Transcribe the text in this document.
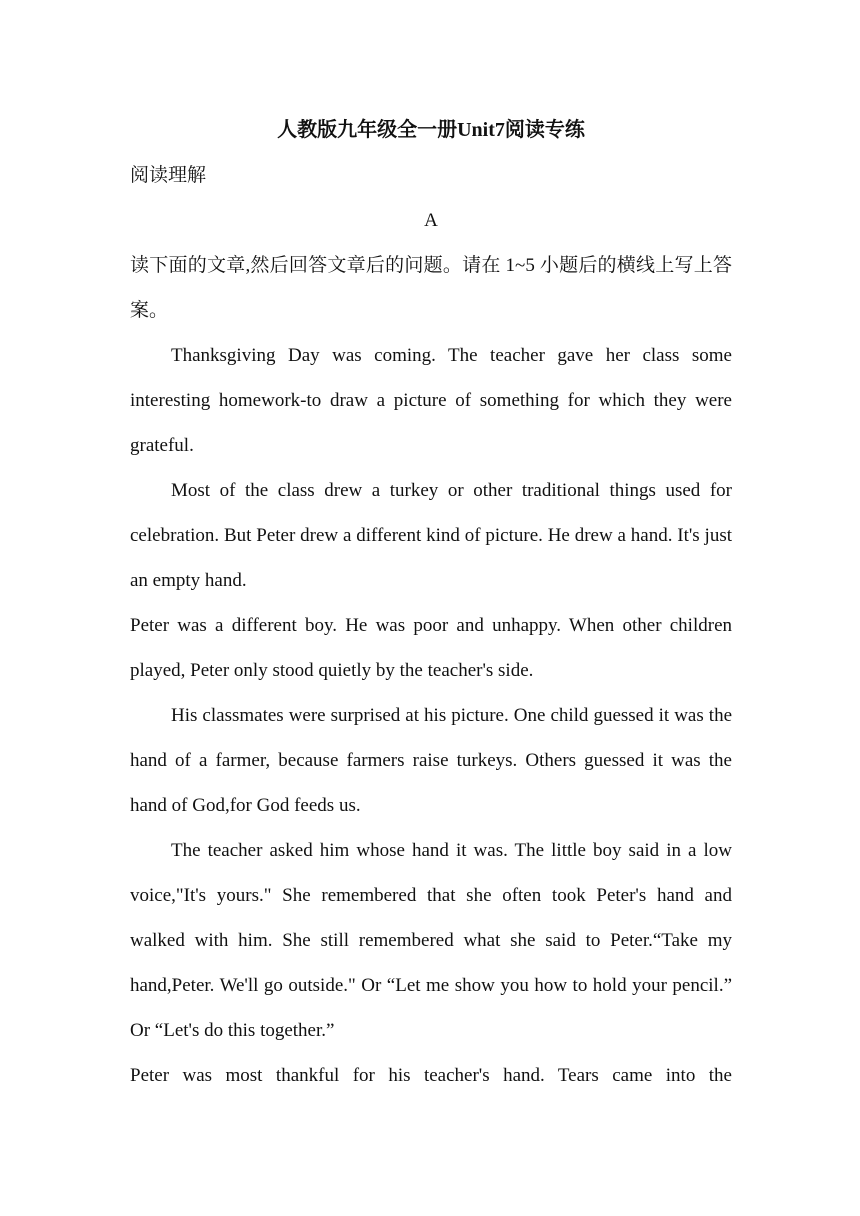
人教版九年级全一册Unit7阅读专练

阅读理解

A

读下面的文章,然后回答文章后的问题。请在 1~5 小题后的横线上写上答案。

Thanksgiving Day was coming. The teacher gave her class some interesting homework-to draw a picture of something for which they were grateful.

Most of the class drew a turkey or other traditional things used for celebration. But Peter drew a different kind of picture. He drew a hand. It's just an empty hand.

Peter was a different boy. He was poor and unhappy. When other children played, Peter only stood quietly by the teacher's side.

His classmates were surprised at his picture. One child guessed it was the hand of a farmer, because farmers raise turkeys. Others guessed it was the hand of God,for God feeds us.

The teacher asked him whose hand it was. The little boy said in a low voice,"It's yours." She remembered that she often took Peter's hand and walked with him. She still remembered what she said to Peter.“Take my hand,Peter. We'll go outside." Or “Let me show you how to hold your pencil.” Or “Let's do this together.”

Peter was most thankful for his teacher's hand. Tears came into the
